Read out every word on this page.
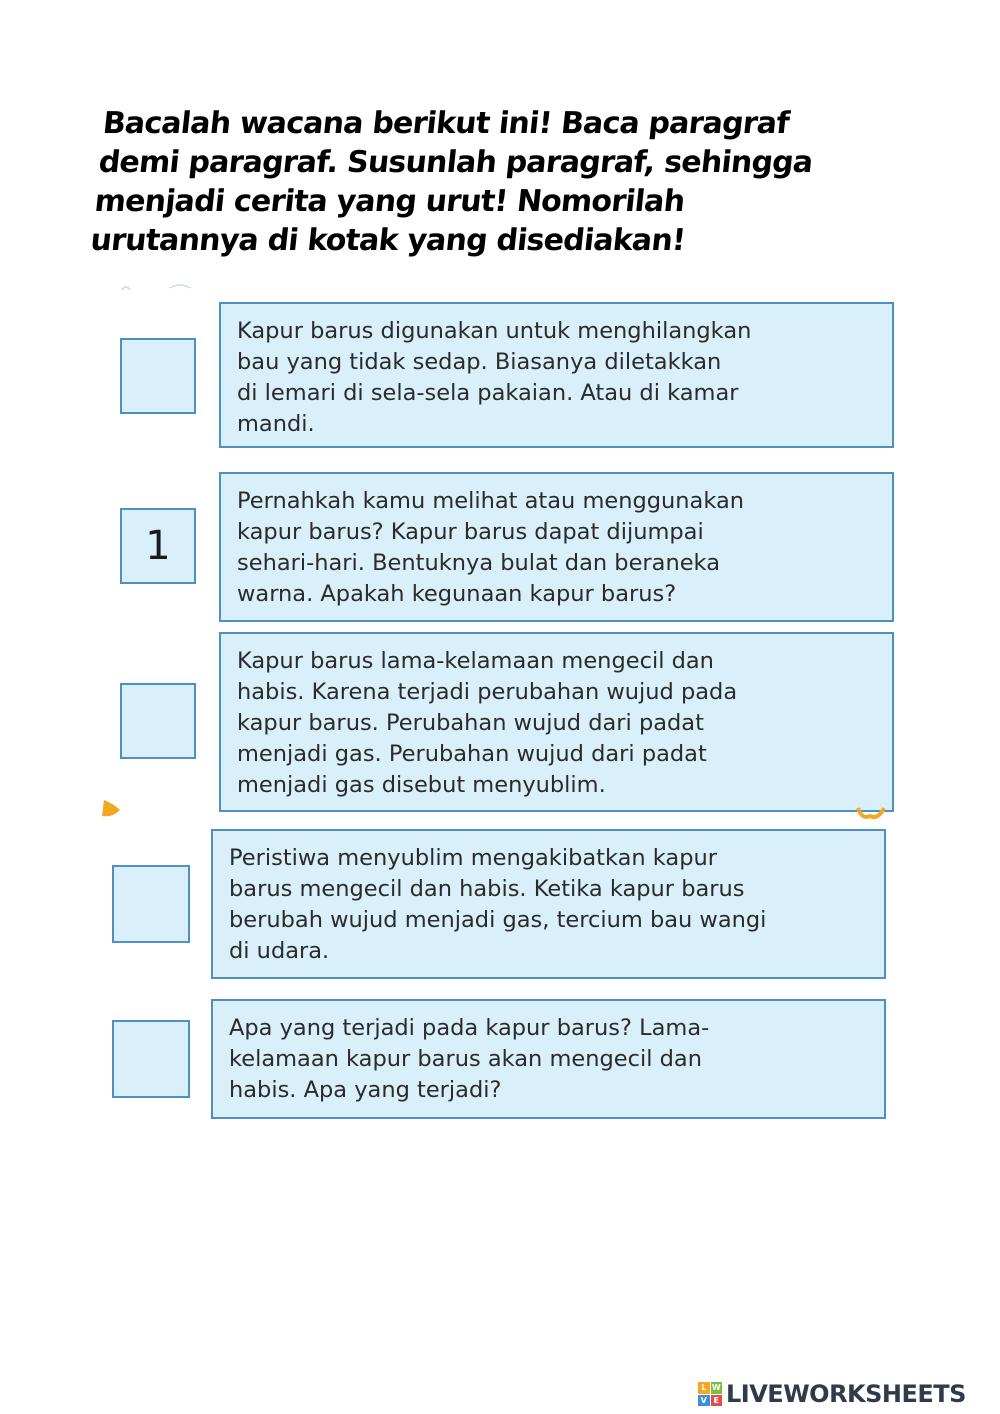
Bacalah wacana berikut ini! Baca paragraf demi paragraf. Susunlah paragraf, sehingga menjadi cerita yang urut! Nomorilah urutannya di kotak yang disediakan!

Kapur barus digunakan untuk menghilangkan
bau yang tidak sedap. Biasanya diletakkan
di lemari di sela-sela pakaian. Atau di kamar
mandi.
1
Pernahkah kamu melihat atau menggunakan
kapur barus? Kapur barus dapat dijumpai
sehari-hari. Bentuknya bulat dan beraneka
warna. Apakah kegunaan kapur barus?
Kapur barus lama-kelamaan mengecil dan
habis. Karena terjadi perubahan wujud pada
kapur barus. Perubahan wujud dari padat
menjadi gas. Perubahan wujud dari padat
menjadi gas disebut menyublim.
Peristiwa menyublim mengakibatkan kapur
barus mengecil dan habis. Ketika kapur barus
berubah wujud menjadi gas, tercium bau wangi
di udara.
Apa yang terjadi pada kapur barus? Lama-
kelamaan kapur barus akan mengecil dan
habis. Apa yang terjadi?
L W
V E LIVEWORKSHEETS
